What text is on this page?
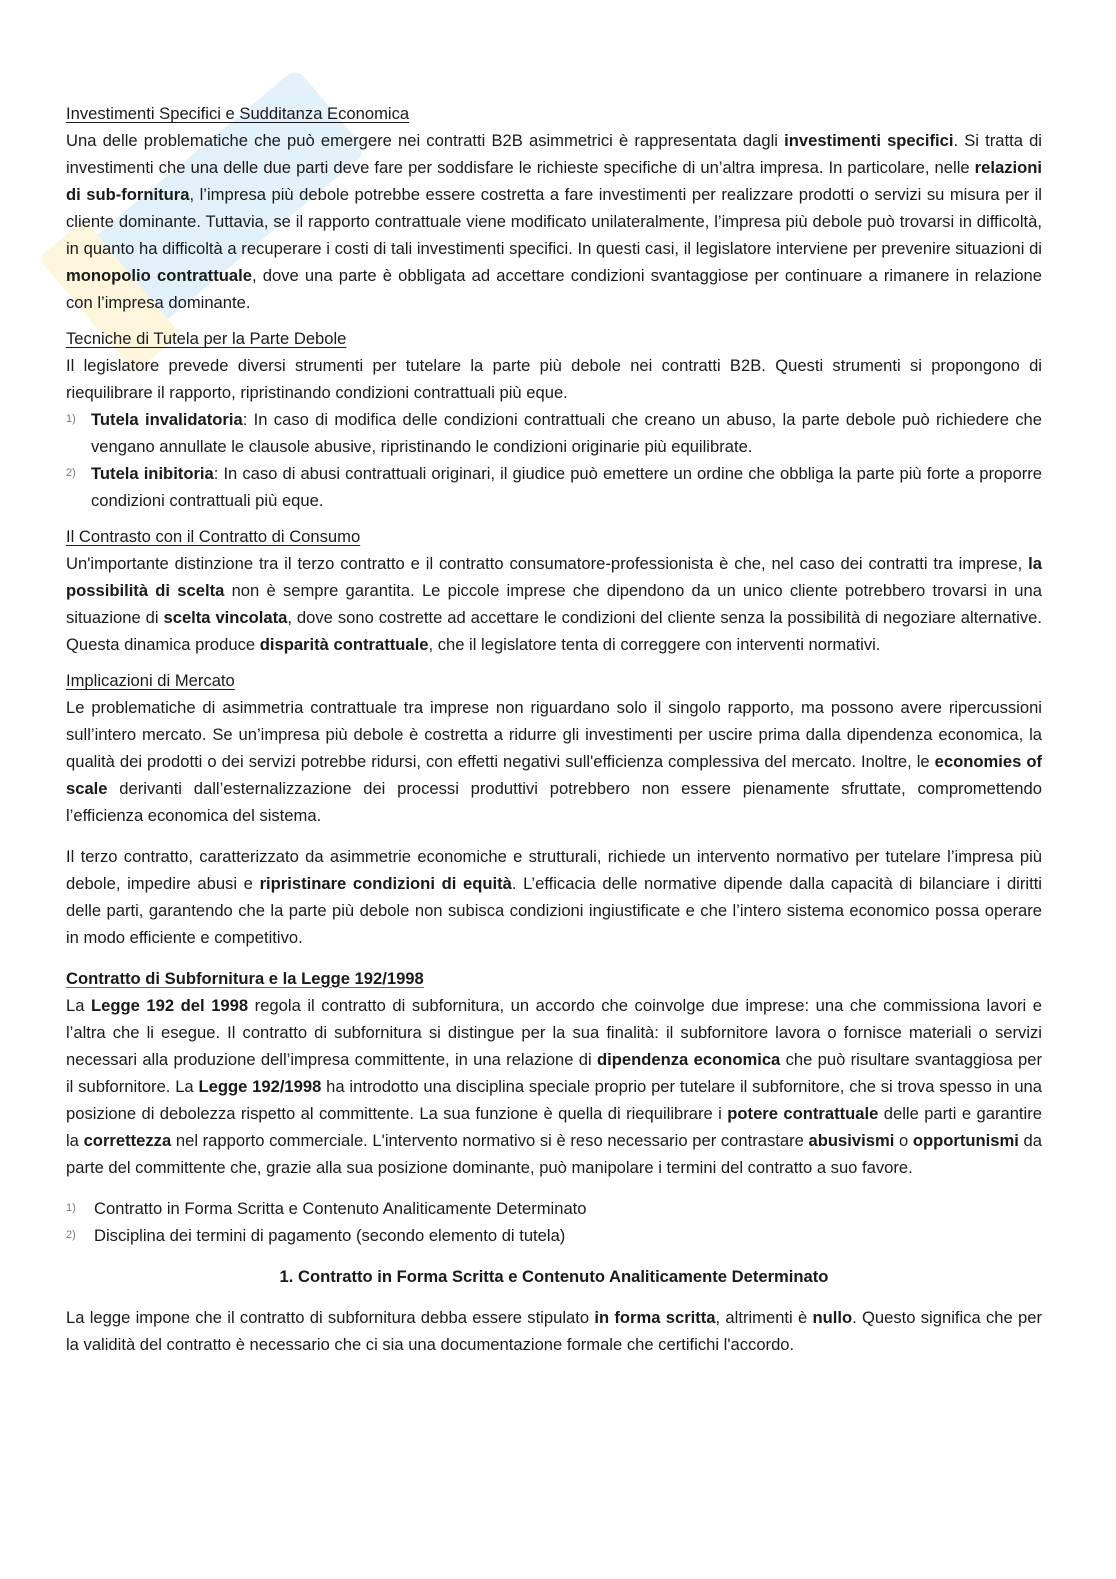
Investimenti Specifici e Sudditanza Economica

Una delle problematiche che può emergere nei contratti B2B asimmetrici è rappresentata dagli investimenti specifici. Si tratta di investimenti che una delle due parti deve fare per soddisfare le richieste specifiche di un’altra impresa. In particolare, nelle relazioni di sub-fornitura, l’impresa più debole potrebbe essere costretta a fare investimenti per realizzare prodotti o servizi su misura per il cliente dominante. Tuttavia, se il rapporto contrattuale viene modificato unilateralmente, l’impresa più debole può trovarsi in difficoltà, in quanto ha difficoltà a recuperare i costi di tali investimenti specifici. In questi casi, il legislatore interviene per prevenire situazioni di monopolio contrattuale, dove una parte è obbligata ad accettare condizioni svantaggiose per continuare a rimanere in relazione con l’impresa dominante.

Tecniche di Tutela per la Parte Debole

Il legislatore prevede diversi strumenti per tutelare la parte più debole nei contratti B2B. Questi strumenti si propongono di riequilibrare il rapporto, ripristinando condizioni contrattuali più eque.

1) Tutela invalidatoria: In caso di modifica delle condizioni contrattuali che creano un abuso, la parte debole può richiedere che vengano annullate le clausole abusive, ripristinando le condizioni originarie più equilibrate.
2) Tutela inibitoria: In caso di abusi contrattuali originari, il giudice può emettere un ordine che obbliga la parte più forte a proporre condizioni contrattuali più eque.
Il Contrasto con il Contratto di Consumo

Un'importante distinzione tra il terzo contratto e il contratto consumatore-professionista è che, nel caso dei contratti tra imprese, la possibilità di scelta non è sempre garantita. Le piccole imprese che dipendono da un unico cliente potrebbero trovarsi in una situazione di scelta vincolata, dove sono costrette ad accettare le condizioni del cliente senza la possibilità di negoziare alternative. Questa dinamica produce disparità contrattuale, che il legislatore tenta di correggere con interventi normativi.

Implicazioni di Mercato

Le problematiche di asimmetria contrattuale tra imprese non riguardano solo il singolo rapporto, ma possono avere ripercussioni sull’intero mercato. Se un’impresa più debole è costretta a ridurre gli investimenti per uscire prima dalla dipendenza economica, la qualità dei prodotti o dei servizi potrebbe ridursi, con effetti negativi sull'efficienza complessiva del mercato. Inoltre, le economies of scale derivanti dall’esternalizzazione dei processi produttivi potrebbero non essere pienamente sfruttate, compromettendo l’efficienza economica del sistema.

Il terzo contratto, caratterizzato da asimmetrie economiche e strutturali, richiede un intervento normativo per tutelare l’impresa più debole, impedire abusi e ripristinare condizioni di equità. L’efficacia delle normative dipende dalla capacità di bilanciare i diritti delle parti, garantendo che la parte più debole non subisca condizioni ingiustificate e che l’intero sistema economico possa operare in modo efficiente e competitivo.

Contratto di Subfornitura e la Legge 192/1998

La Legge 192 del 1998 regola il contratto di subfornitura, un accordo che coinvolge due imprese: una che commissiona lavori e l’altra che li esegue. Il contratto di subfornitura si distingue per la sua finalità: il subfornitore lavora o fornisce materiali o servizi necessari alla produzione dell’impresa committente, in una relazione di dipendenza economica che può risultare svantaggiosa per il subfornitore. La Legge 192/1998 ha introdotto una disciplina speciale proprio per tutelare il subfornitore, che si trova spesso in una posizione di debolezza rispetto al committente. La sua funzione è quella di riequilibrare i potere contrattuale delle parti e garantire la correttezza nel rapporto commerciale. L'intervento normativo si è reso necessario per contrastare abusivismi o opportunismi da parte del committente che, grazie alla sua posizione dominante, può manipolare i termini del contratto a suo favore.

1) Contratto in Forma Scritta e Contenuto Analiticamente Determinato
2) Disciplina dei termini di pagamento (secondo elemento di tutela)
1. Contratto in Forma Scritta e Contenuto Analiticamente Determinato

La legge impone che il contratto di subfornitura debba essere stipulato in forma scritta, altrimenti è nullo. Questo significa che per la validità del contratto è necessario che ci sia una documentazione formale che certifichi l'accordo.
